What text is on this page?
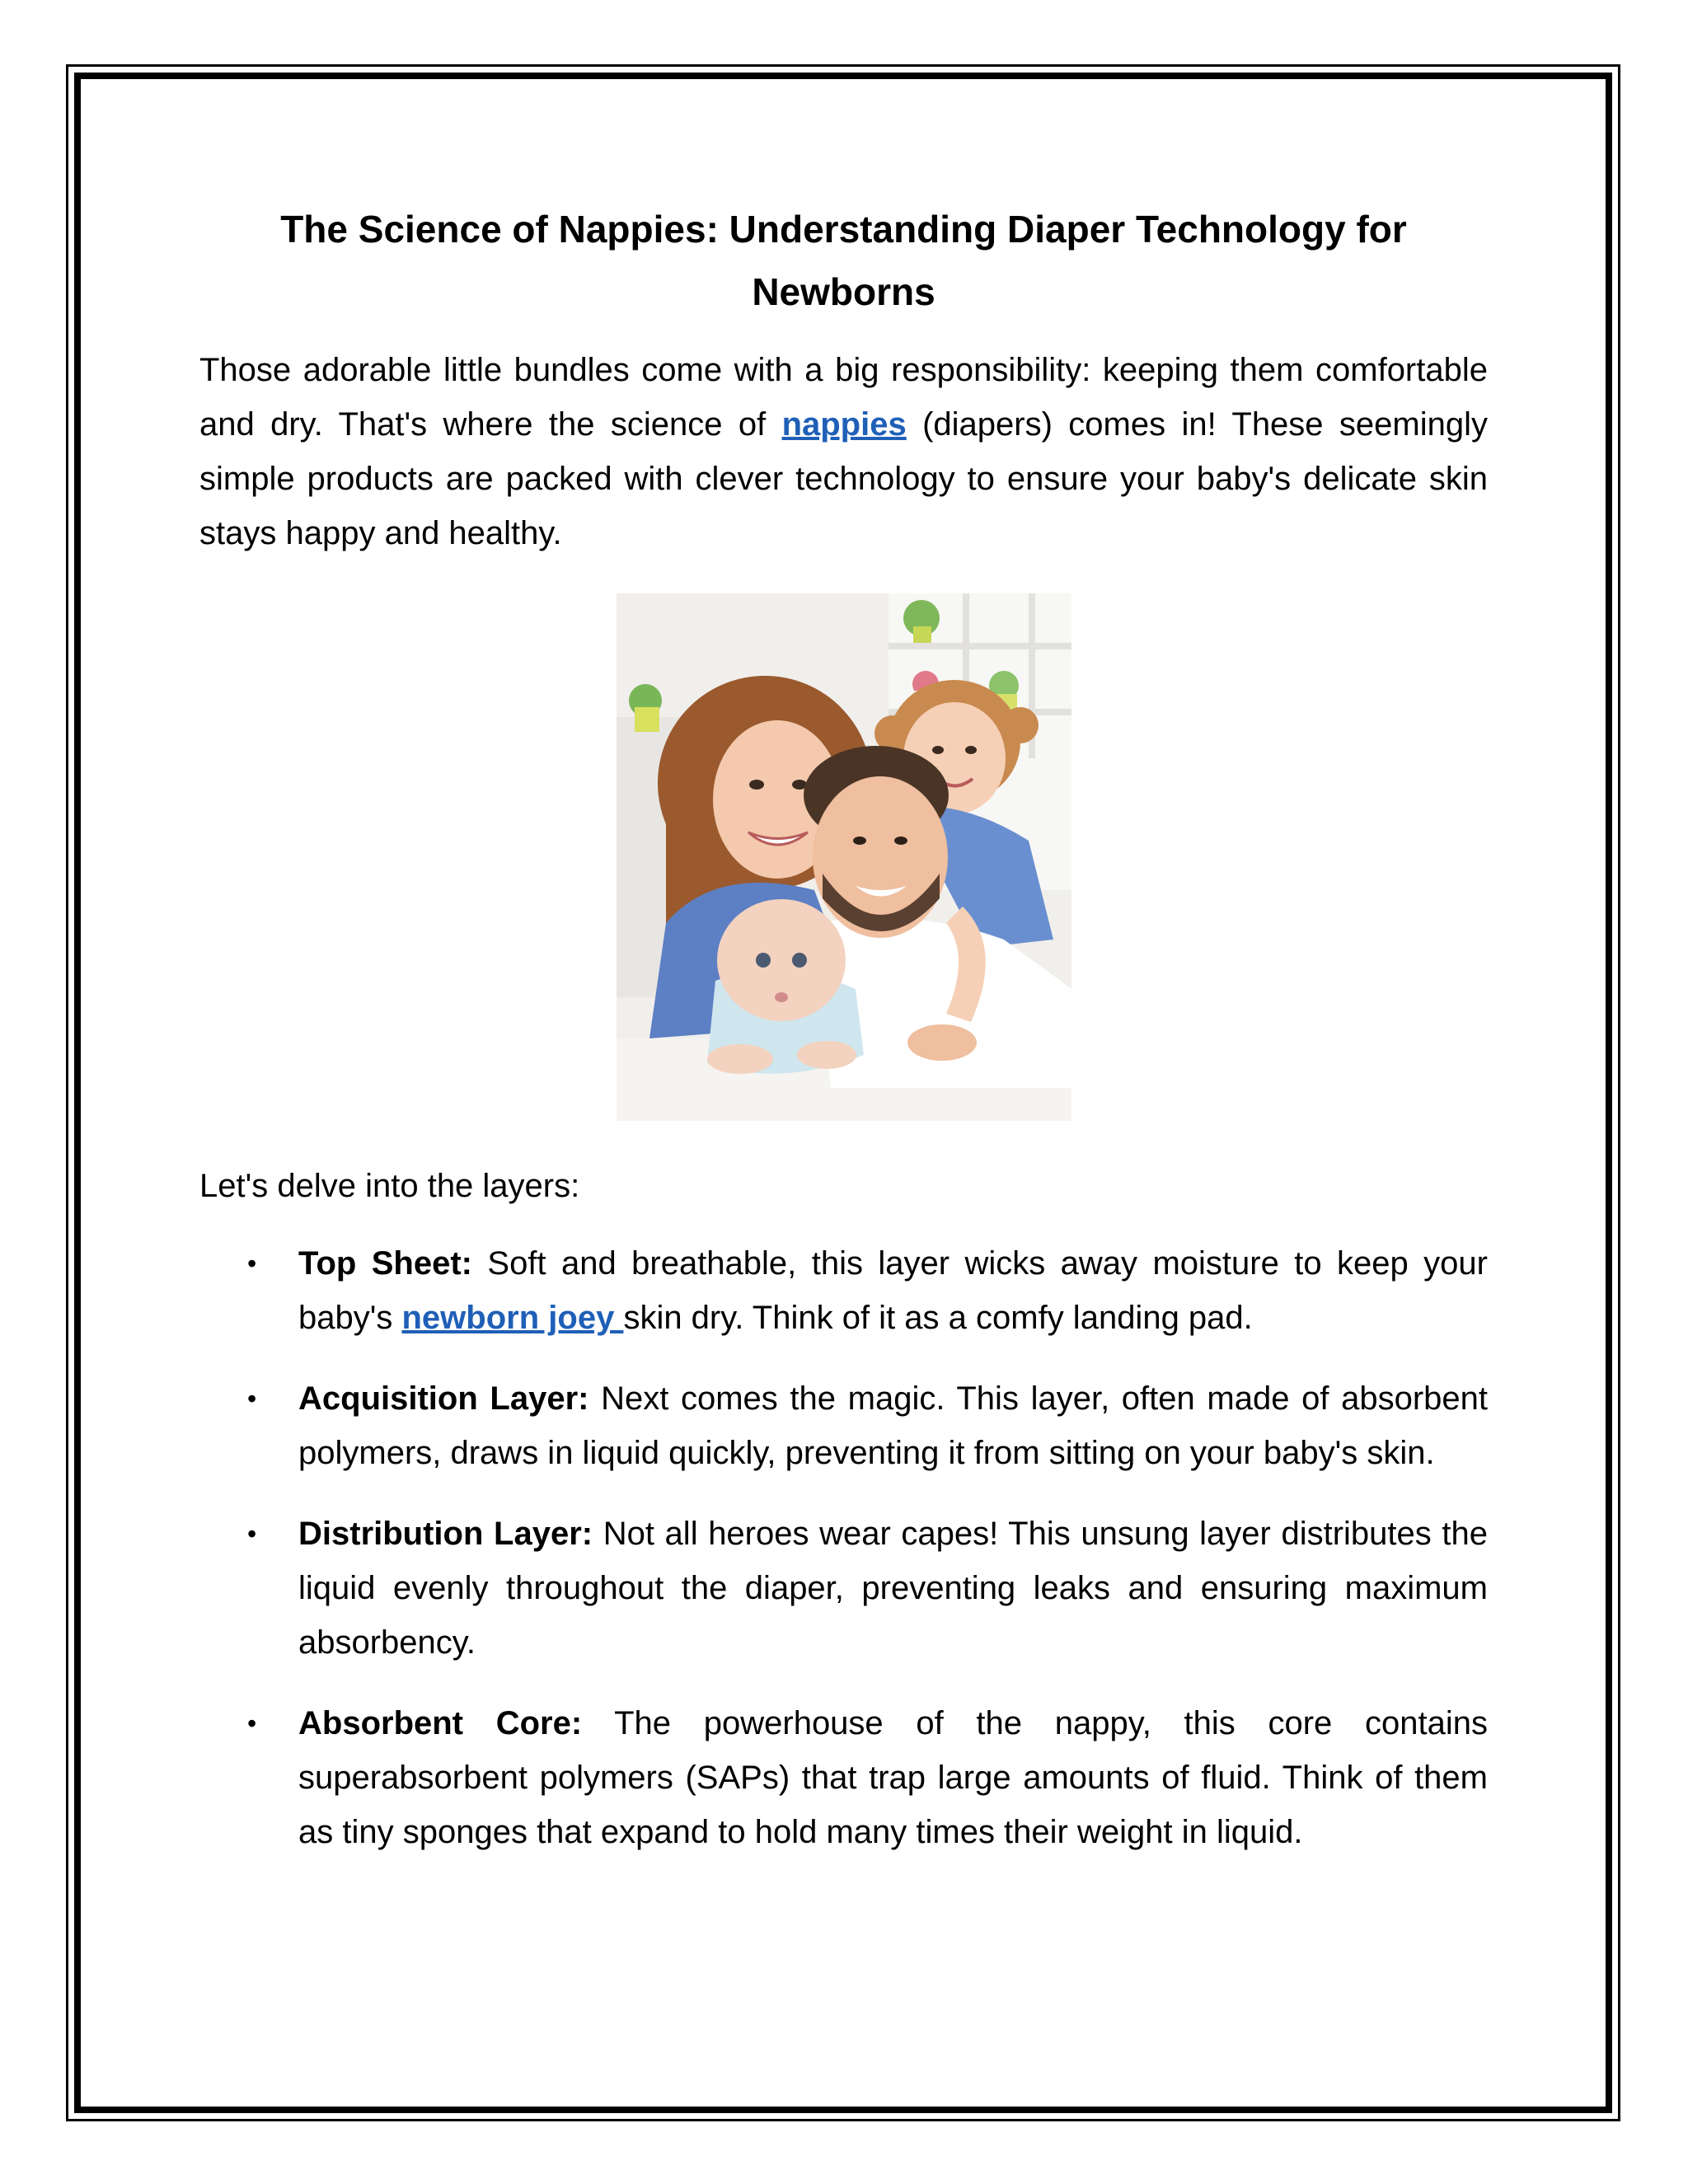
The Science of Nappies: Understanding Diaper Technology for Newborns

Those adorable little bundles come with a big responsibility: keeping them comfortable and dry. That's where the science of nappies (diapers) comes in! These seemingly simple products are packed with clever technology to ensure your baby's delicate skin stays happy and healthy.

Let's delve into the layers:

• Top Sheet: Soft and breathable, this layer wicks away moisture to keep your baby's newborn joey skin dry. Think of it as a comfy landing pad.
• Acquisition Layer: Next comes the magic. This layer, often made of absorbent polymers, draws in liquid quickly, preventing it from sitting on your baby's skin.
• Distribution Layer: Not all heroes wear capes! This unsung layer distributes the liquid evenly throughout the diaper, preventing leaks and ensuring maximum absorbency.
• Absorbent Core: The powerhouse of the nappy, this core contains superabsorbent polymers (SAPs) that trap large amounts of fluid. Think of them as tiny sponges that expand to hold many times their weight in liquid.
